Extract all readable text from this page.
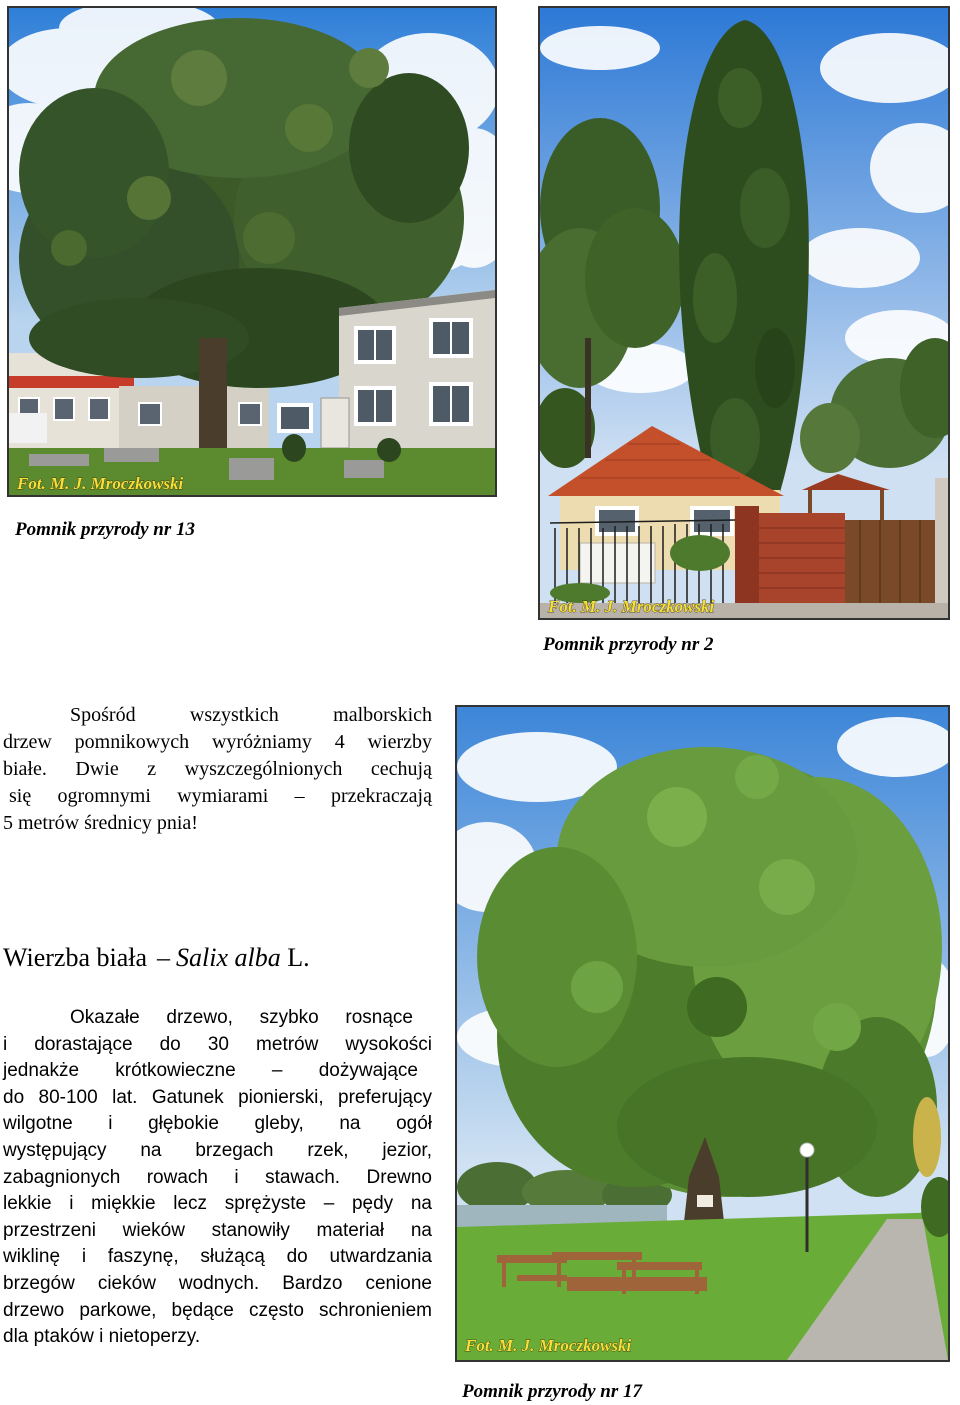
Fot. M. J. Mroczkowski
Pomnik przyrody nr 13
Fot. M. J. Mroczkowski
Pomnik przyrody nr 2
Spośród wszystkich malborskich
drzew pomnikowych wyróżniamy 4 wierzby
białe. Dwie z wyszczególnionych cechują
się ogromnymi wymiarami – przekraczają
5 metrów średnicy pnia!
Wierzba biała – Salix alba L.
Okazałe drzewo, szybko rosnące
i dorastające do 30 metrów wysokości
jednakże krótkowieczne – dożywające
do 80-100 lat. Gatunek pionierski, preferujący
wilgotne i głębokie gleby, na ogół
występujący na brzegach rzek, jezior,
zabagnionych rowach i stawach. Drewno
lekkie i miękkie lecz sprężyste – pędy na
przestrzeni wieków stanowiły materiał na
wiklinę i faszynę, służącą do utwardzania
brzegów cieków wodnych. Bardzo cenione
drzewo parkowe, będące często schronieniem
dla ptaków i nietoperzy.	Fot. M. J. Mroczkowski
Pomnik przyrody nr 17
